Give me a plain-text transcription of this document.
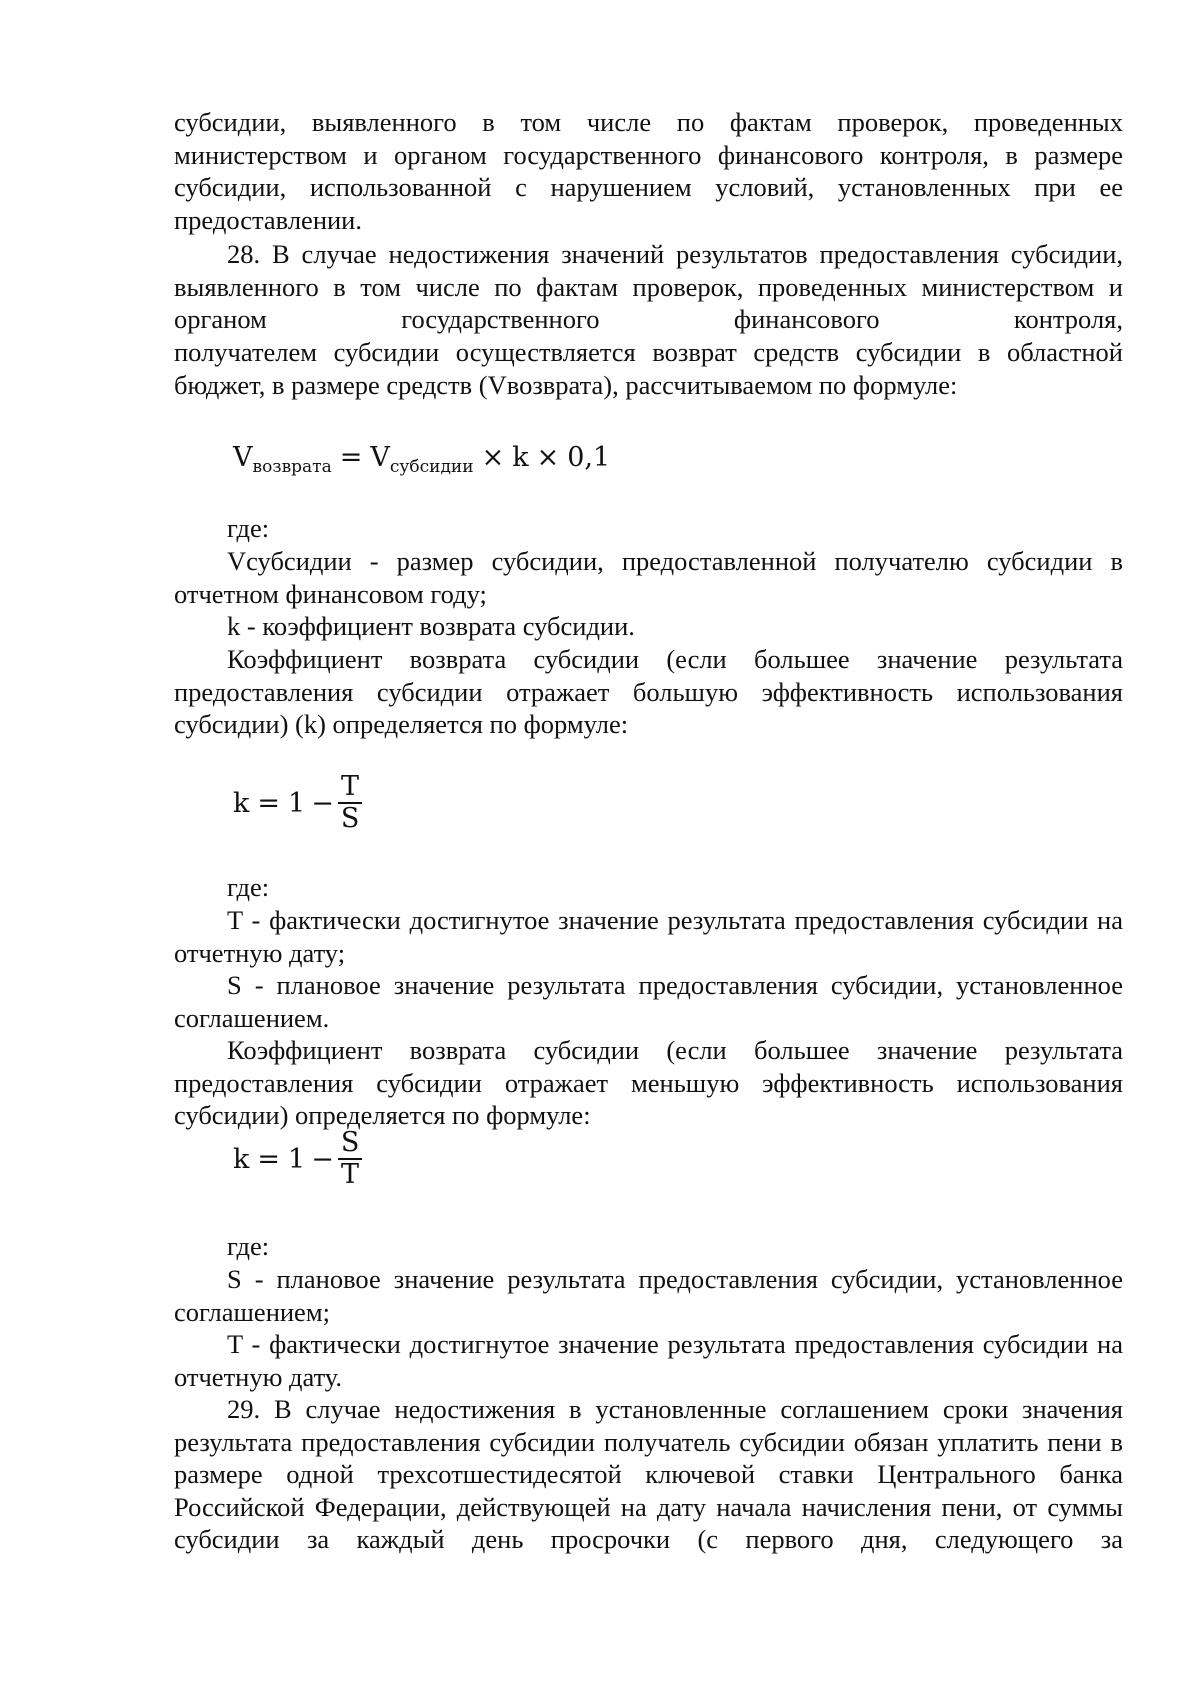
субсидии, выявленного в том числе по фактам проверок, проведенных министерством и органом государственного финансового контроля, в размере субсидии, использованной с нарушением условий, установленных при ее предоставлении.

28. В случае недостижения значений результатов предоставления субсидии, выявленного в том числе по фактам проверок, проведенных министерством и органом государственного финансового контроля,

получателем субсидии осуществляется возврат средств субсидии в областной бюджет, в размере средств (Vвозврата), рассчитываемом по формуле:

V возврата = V субсидии × k × 0,1

где:

Vсубсидии - размер субсидии, предоставленной получателю субсидии в отчетном финансовом году;

k - коэффициент возврата субсидии.

Коэффициент возврата субсидии (если большее значение результата предоставления субсидии отражает большую эффективность использования субсидии) (k) определяется по формуле:

$k = 1 - \frac{T}{S}$

где:

T - фактически достигнутое значение результата предоставления субсидии на отчетную дату;

S - плановое значение результата предоставления субсидии, установленное соглашением.

Коэффициент возврата субсидии (если большее значение результата предоставления субсидии отражает меньшую эффективность использования субсидии) определяется по формуле:

$k = 1 - \frac{S}{T}$

где:

S - плановое значение результата предоставления субсидии, установленное соглашением;

T - фактически достигнутое значение результата предоставления субсидии на отчетную дату.

29. В случае недостижения в установленные соглашением сроки значения результата предоставления субсидии получатель субсидии обязан уплатить пени в размере одной трехсотшестидесятой ключевой ставки Центрального банка Российской Федерации, действующей на дату начала начисления пени, от суммы субсидии за каждый день просрочки (с первого дня, следующего за
